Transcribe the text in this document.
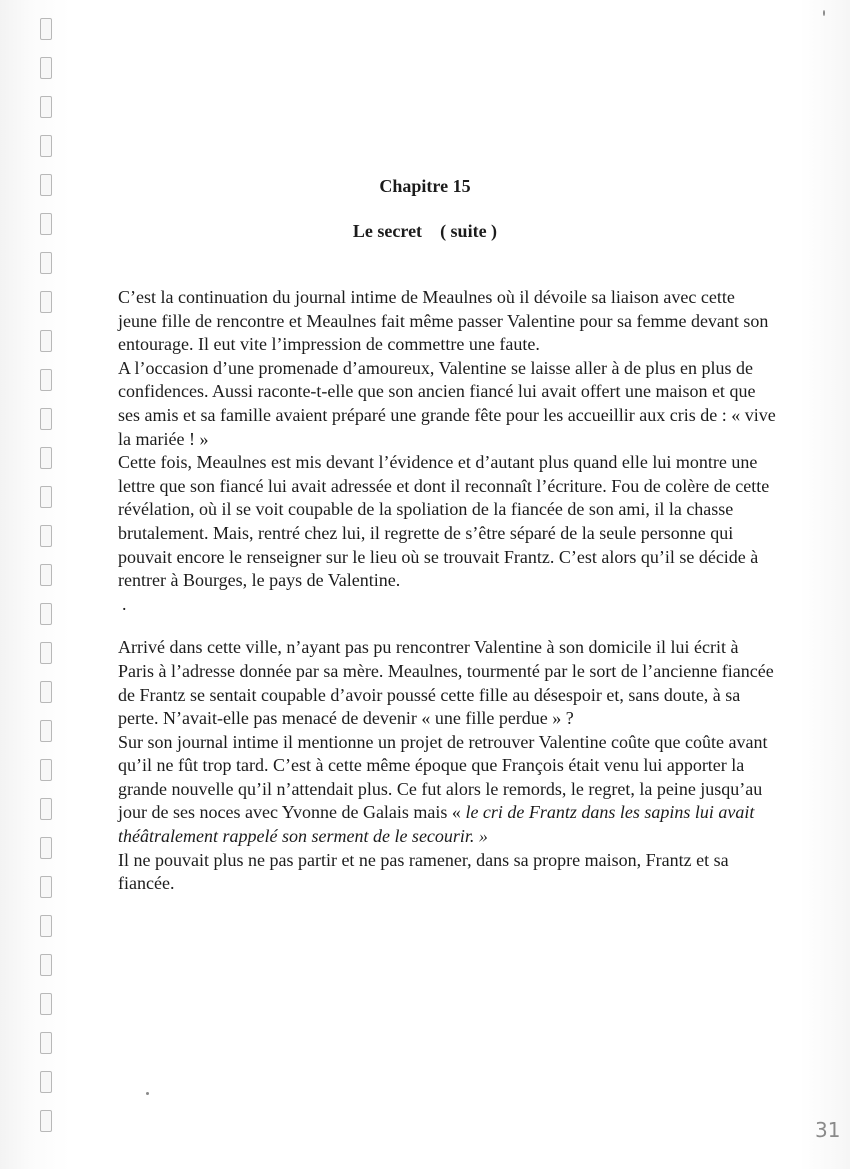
Chapitre 15
Le secret ( suite )

C’est la continuation du journal intime de Meaulnes où il dévoile sa liaison avec cette jeune fille de rencontre et Meaulnes fait même passer Valentine pour sa femme devant son entourage. Il eut vite l’impression de commettre une faute.

A l’occasion d’une promenade d’amoureux, Valentine se laisse aller à de plus en plus de confidences. Aussi raconte-t-elle que son ancien fiancé lui avait offert une maison et que ses amis et sa famille avaient préparé une grande fête pour les accueillir aux cris de : « vive la mariée ! »

Cette fois, Meaulnes est mis devant l’évidence et d’autant plus quand elle lui montre une lettre que son fiancé lui avait adressée et dont il reconnaît l’écriture. Fou de colère de cette révélation, où il se voit coupable de la spoliation de la fiancée de son ami, il la chasse brutalement. Mais, rentré chez lui, il regrette de s’être séparé de la seule personne qui pouvait encore le renseigner sur le lieu où se trouvait Frantz. C’est alors qu’il se décide à rentrer à Bourges, le pays de Valentine.

.

Arrivé dans cette ville, n’ayant pas pu rencontrer Valentine à son domicile il lui écrit à Paris à l’adresse donnée par sa mère. Meaulnes, tourmenté par le sort de l’ancienne fiancée de Frantz se sentait coupable d’avoir poussé cette fille au désespoir et, sans doute, à sa perte. N’avait-elle pas menacé de devenir « une fille perdue » ?

Sur son journal intime il mentionne un projet de retrouver Valentine coûte que coûte avant qu’il ne fût trop tard. C’est à cette même époque que François était venu lui apporter la grande nouvelle qu’il n’attendait plus. Ce fut alors le remords, le regret, la peine jusqu’au jour de ses noces avec Yvonne de Galais mais « le cri de Frantz dans les sapins lui avait théâtralement rappelé son serment de le secourir. »

Il ne pouvait plus ne pas partir et ne pas ramener, dans sa propre maison, Frantz et sa fiancée.

31
